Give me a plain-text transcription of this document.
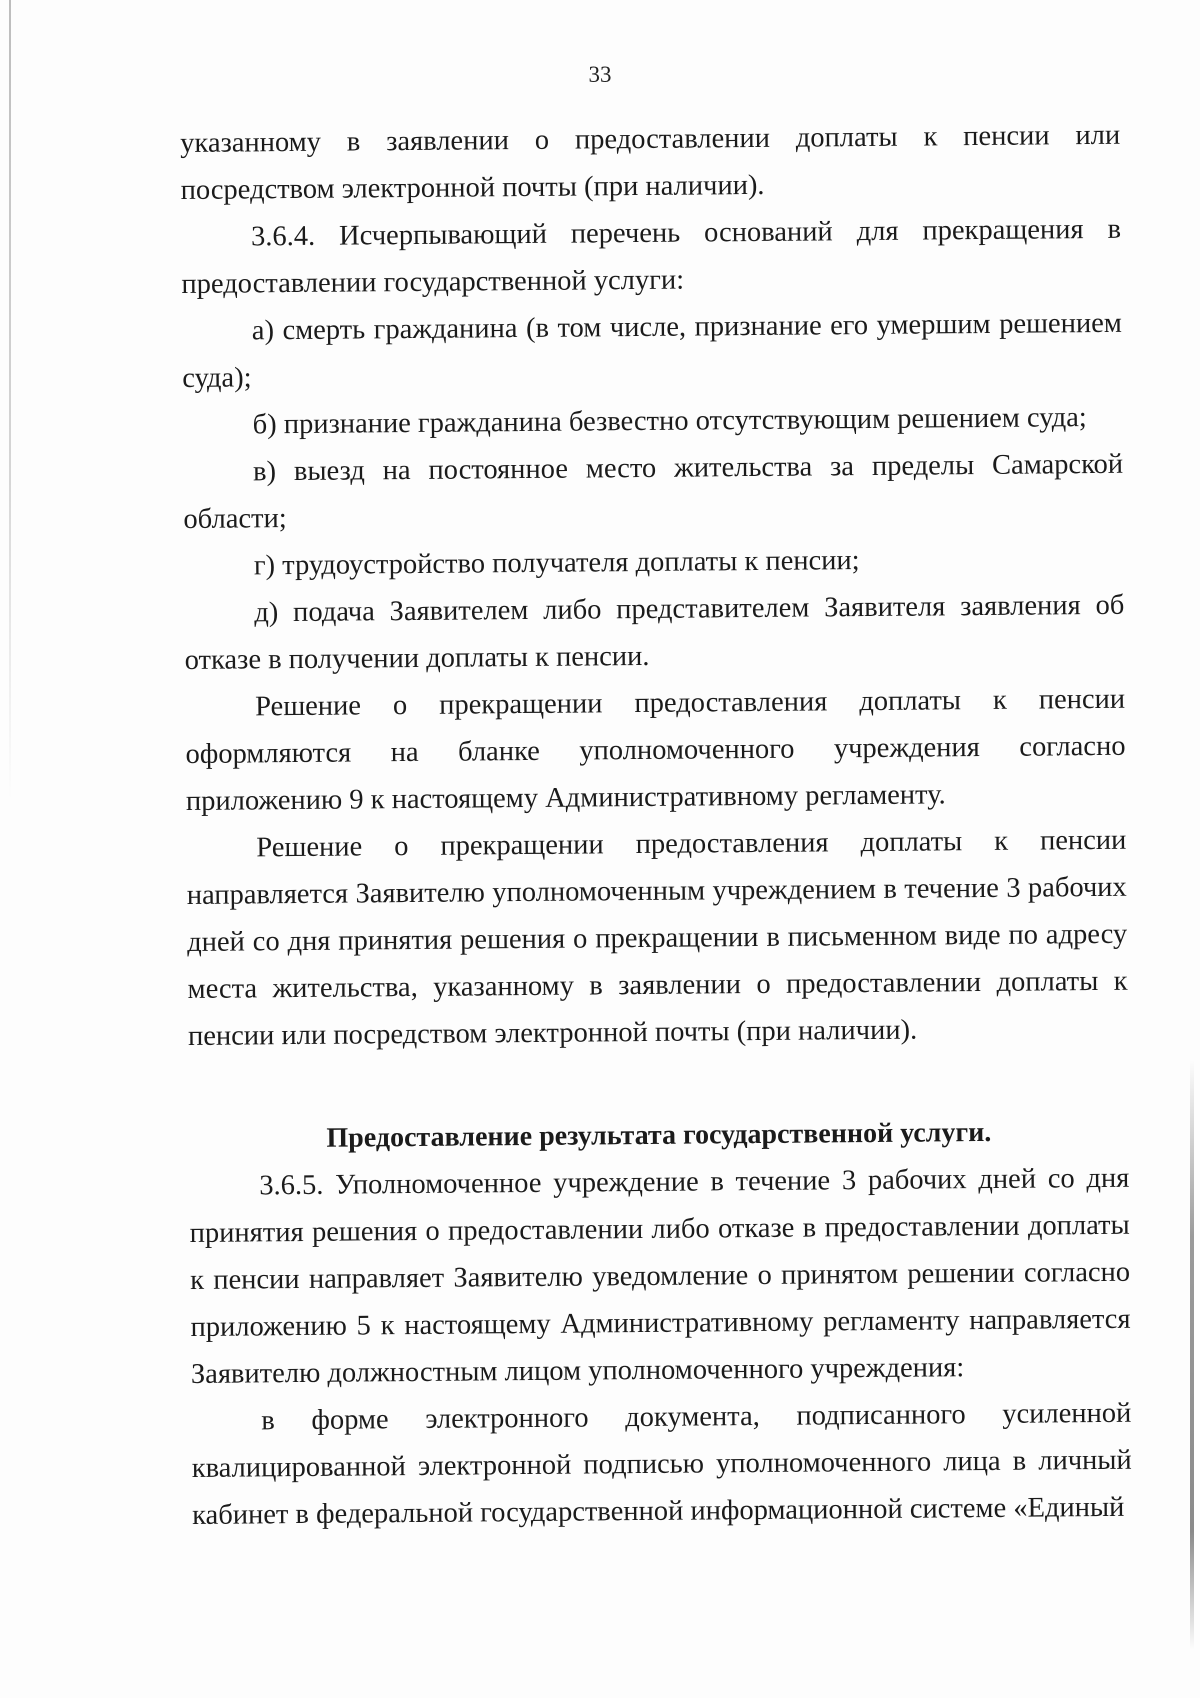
33

указанному в заявлении о предоставлении доплаты к пенсии или посредством электронной почты (при наличии).

3.6.4. Исчерпывающий перечень оснований для прекращения в предоставлении государственной услуги:

а) смерть гражданина (в том числе, признание его умершим решением суда);

б) признание гражданина безвестно отсутствующим решением суда;

в) выезд на постоянное место жительства за пределы Самарской области;

г) трудоустройство получателя доплаты к пенсии;

д) подача Заявителем либо представителем Заявителя заявления об отказе в получении доплаты к пенсии.

Решение о прекращении предоставления доплаты к пенсии оформляются на бланке уполномоченного учреждения согласно приложению 9 к настоящему Административному регламенту.

Решение о прекращении предоставления доплаты к пенсии направляется Заявителю уполномоченным учреждением в течение 3 рабочих дней со дня принятия решения о прекращении в письменном виде по адресу места жительства, указанному в заявлении о предоставлении доплаты к пенсии или посредством электронной почты (при наличии).

Предоставление результата государственной услуги.

3.6.5. Уполномоченное учреждение в течение 3 рабочих дней со дня принятия решения о предоставлении либо отказе в предоставлении доплаты к пенсии направляет Заявителю уведомление о принятом решении согласно приложению 5 к настоящему Административному регламенту направляется Заявителю должностным лицом уполномоченного учреждения:

в форме электронного документа, подписанного усиленной квалицированной электронной подписью уполномоченного лица в личный кабинет в федеральной государственной информационной системе «Единый
